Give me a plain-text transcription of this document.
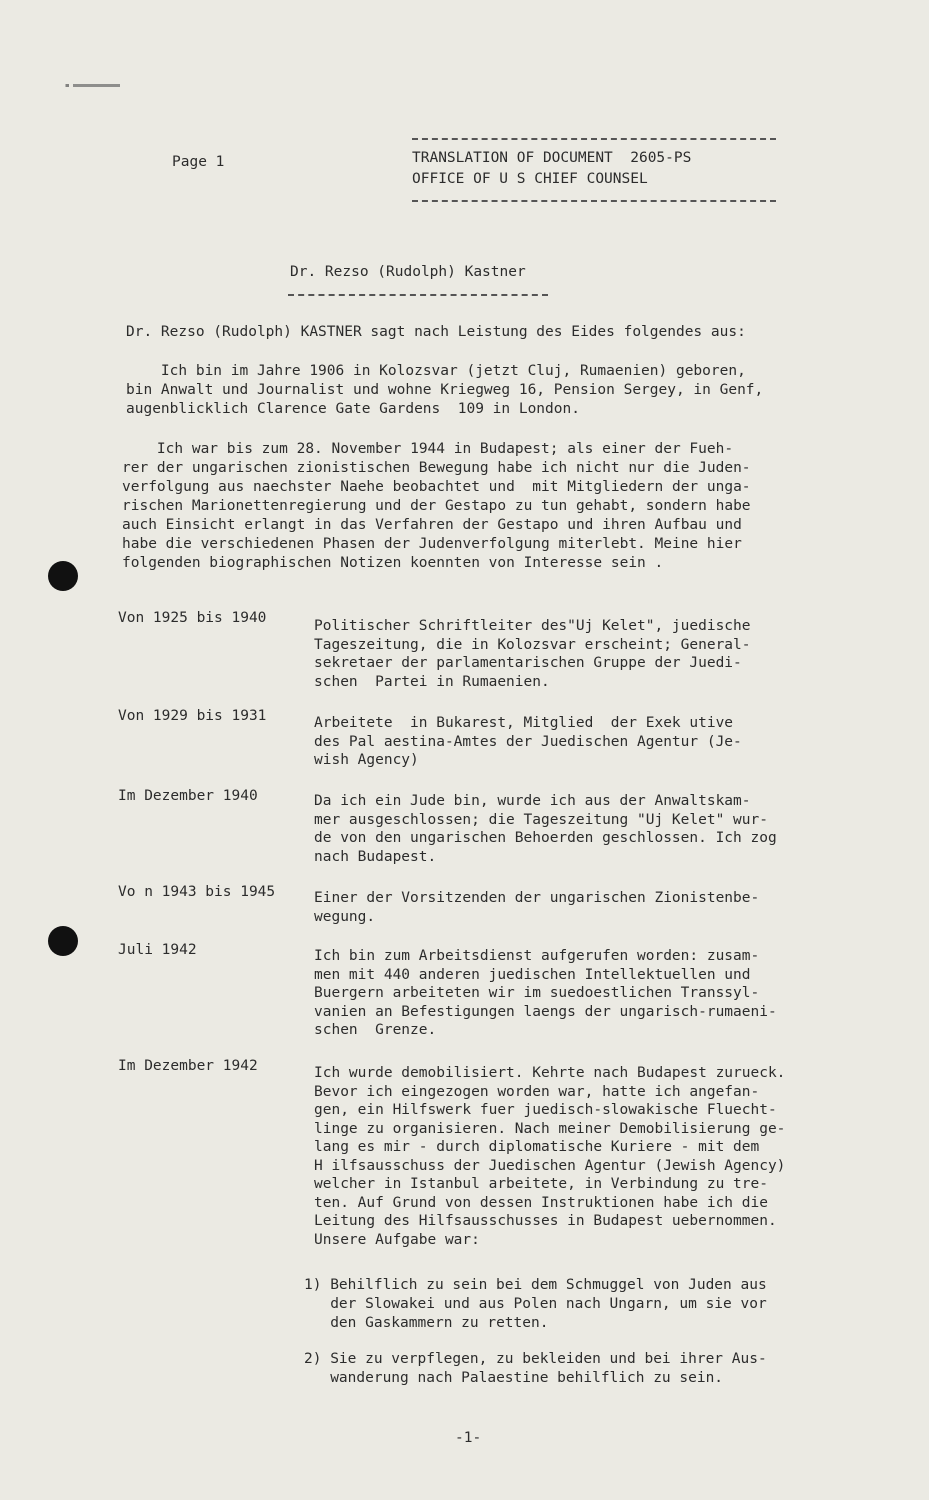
Page 1	TRANSLATION OF DOCUMENT  2605-PS
OFFICE OF U S CHIEF COUNSEL
Dr. Rezso (Rudolph) Kastner
Dr. Rezso (Rudolph) KASTNER sagt nach Leistung des Eides folgendes aus:
Ich bin im Jahre 1906 in Kolozsvar (jetzt Cluj, Rumaenien) geboren,
bin Anwalt und Journalist und wohne Kriegweg 16, Pension Sergey, in Genf,
augenblicklich Clarence Gate Gardens  109 in London.
Ich war bis zum 28. November 1944 in Budapest; als einer der Fueh-
rer der ungarischen zionistischen Bewegung habe ich nicht nur die Juden-
verfolgung aus naechster Naehe beobachtet und  mit Mitgliedern der unga-
rischen Marionettenregierung und der Gestapo zu tun gehabt, sondern habe
auch Einsicht erlangt in das Verfahren der Gestapo und ihren Aufbau und
habe die verschiedenen Phasen der Judenverfolgung miterlebt. Meine hier
folgenden biographischen Notizen koennten von Interesse sein .
Von 1925 bis 1940	Politischer Schriftleiter des"Uj Kelet", juedische
Tageszeitung, die in Kolozsvar erscheint; General-
sekretaer der parlamentarischen Gruppe der Juedi-
schen  Partei in Rumaenien.
Von 1929 bis 1931	Arbeitete  in Bukarest, Mitglied  der Exek utive
des Pal aestina-Amtes der Juedischen Agentur (Je-
wish Agency)
Im Dezember 1940	Da ich ein Jude bin, wurde ich aus der Anwaltskam-
mer ausgeschlossen; die Tageszeitung "Uj Kelet" wur-
de von den ungarischen Behoerden geschlossen. Ich zog
nach Budapest.
Vo n 1943 bis 1945	Einer der Vorsitzenden der ungarischen Zionistenbe-
wegung.
Juli 1942	Ich bin zum Arbeitsdienst aufgerufen worden: zusam-
men mit 440 anderen juedischen Intellektuellen und
Buergern arbeiteten wir im suedoestlichen Transsyl-
vanien an Befestigungen laengs der ungarisch-rumaeni-
schen  Grenze.
Im Dezember 1942	Ich wurde demobilisiert. Kehrte nach Budapest zurueck.
Bevor ich eingezogen worden war, hatte ich angefan-
gen, ein Hilfswerk fuer juedisch-slowakische Fluecht-
linge zu organisieren. Nach meiner Demobilisierung ge-
lang es mir - durch diplomatische Kuriere - mit dem
H ilfsausschuss der Juedischen Agentur (Jewish Agency)
welcher in Istanbul arbeitete, in Verbindung zu tre-
ten. Auf Grund von dessen Instruktionen habe ich die
Leitung des Hilfsausschusses in Budapest uebernommen.
Unsere Aufgabe war:
1) Behilflich zu sein bei dem Schmuggel von Juden aus
der Slowakei und aus Polen nach Ungarn, um sie vor
den Gaskammern zu retten.
2) Sie zu verpflegen, zu bekleiden und bei ihrer Aus-
wanderung nach Palaestine behilflich zu sein.
-1-
